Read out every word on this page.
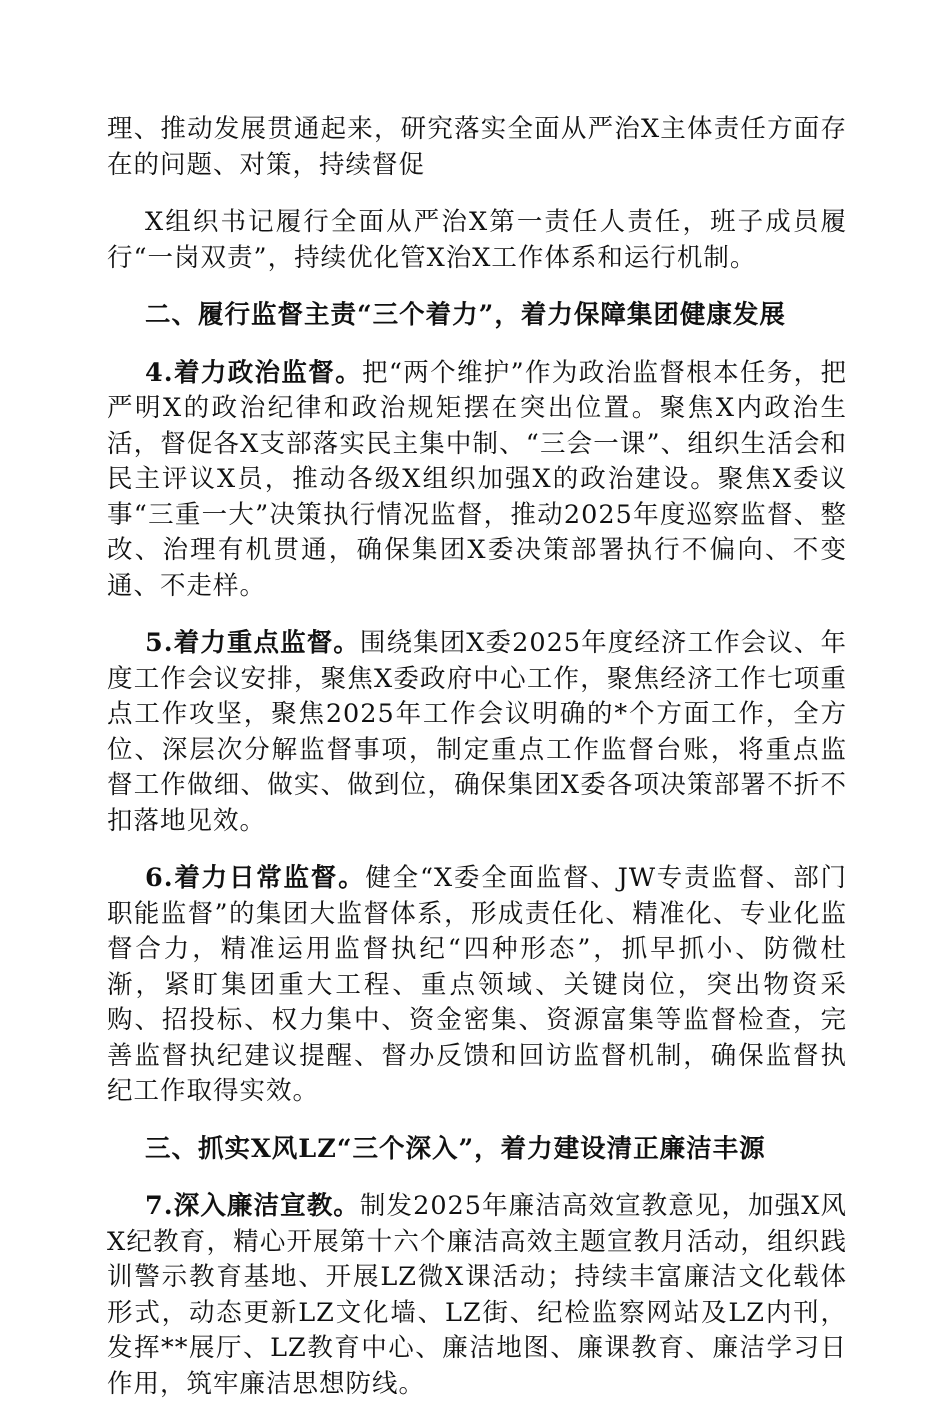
理、推动发展贯通起来，研究落实全面从严治X主体责任方面存在的问题、对策，持续督促

X组织书记履行全面从严治X第一责任人责任，班子成员履行“一岗双责”，持续优化管X治X工作体系和运行机制。

二、履行监督主责“三个着力”，着力保障集团健康发展

4.着力政治监督。把“两个维护”作为政治监督根本任务，把严明X的政治纪律和政治规矩摆在突出位置。聚焦X内政治生活，督促各X支部落实民主集中制、“三会一课”、组织生活会和民主评议X员，推动各级X组织加强X的政治建设。聚焦X委议事“三重一大”决策执行情况监督，推动2025年度巡察监督、整改、治理有机贯通，确保集团X委决策部署执行不偏向、不变通、不走样。

5.着力重点监督。围绕集团X委2025年度经济工作会议、年度工作会议安排，聚焦X委政府中心工作，聚焦经济工作七项重点工作攻坚，聚焦2025年工作会议明确的*个方面工作，全方位、深层次分解监督事项，制定重点工作监督台账，将重点监督工作做细、做实、做到位，确保集团X委各项决策部署不折不扣落地见效。

6.着力日常监督。健全“X委全面监督、JW专责监督、部门职能监督”的集团大监督体系，形成责任化、精准化、专业化监督合力，精准运用监督执纪“四种形态”，抓早抓小、防微杜渐，紧盯集团重大工程、重点领域、关键岗位，突出物资采购、招投标、权力集中、资金密集、资源富集等监督检查，完善监督执纪建议提醒、督办反馈和回访监督机制，确保监督执纪工作取得实效。

三、抓实X风LZ“三个深入”，着力建设清正廉洁丰源

7.深入廉洁宣教。制发2025年廉洁高效宣教意见，加强X风X纪教育，精心开展第十六个廉洁高效主题宣教月活动，组织践训警示教育基地、开展LZ微X课活动；持续丰富廉洁文化载体形式，动态更新LZ文化墙、LZ街、纪检监察网站及LZ内刊，发挥**展厅、LZ教育中心、廉洁地图、廉课教育、廉洁学习日作用，筑牢廉洁思想防线。
